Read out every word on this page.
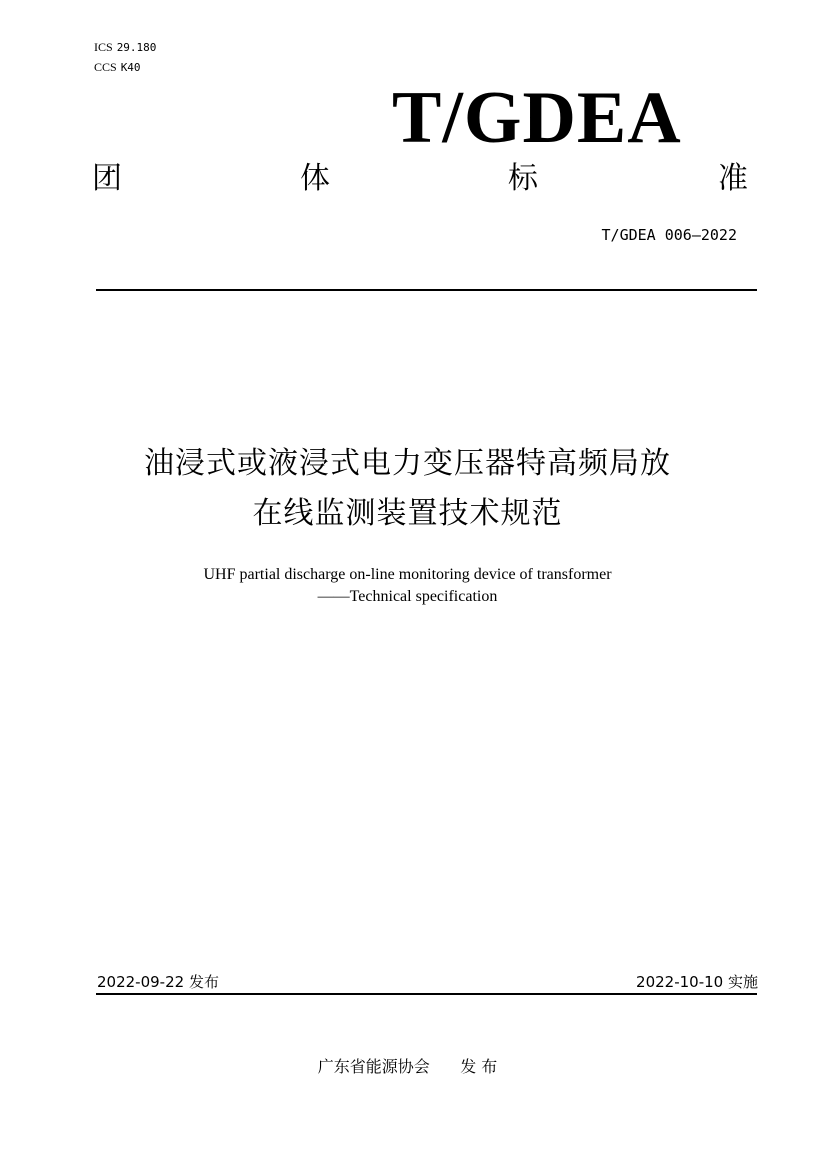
ICS 29.180
CCS K40
T/GDEA
团	体	标	准
T/GDEA 006—2022
油浸式或液浸式电力变压器特高频局放
在线监测装置技术规范
UHF partial discharge on-line monitoring device of transformer
——Technical specification
2022-09-22 发布	2022-10-10 实施
广东省能源协会 发 布
